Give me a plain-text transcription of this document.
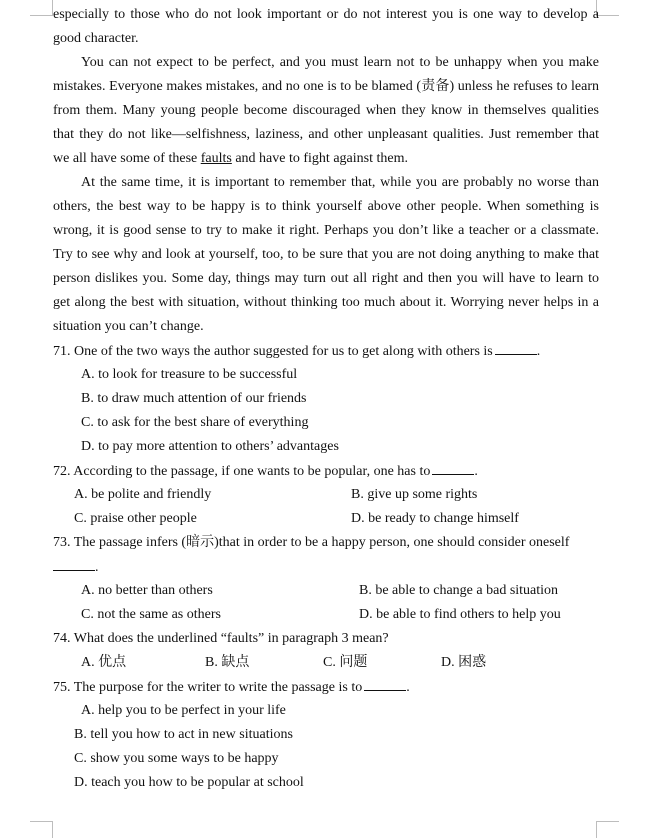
especially to those who do not look important or do not interest you is one way to develop a
good character.
You can not expect to be perfect, and you must learn not to be unhappy when you make
mistakes. Everyone makes mistakes, and no one is to be blamed (责备) unless he refuses to learn
from them. Many young people become discouraged when they know in themselves qualities
that they do not like—selfishness, laziness, and other unpleasant qualities. Just remember that
we all have some of these faults and have to fight against them.
At the same time, it is important to remember that, while you are probably no worse than
others, the best way to be happy is to think yourself above other people. When something is
wrong, it is good sense to try to make it right. Perhaps you don’t like a teacher or a classmate.
Try to see why and look at yourself, too, to be sure that you are not doing anything to make that
person dislikes you. Some day, things may turn out all right and then you will have to learn to
get along the best with situation, without thinking too much about it. Worrying never helps in a
situation you can’t change.
71. One of the two ways the author suggested for us to get along with others is	.
A. to look for treasure to be successful
B. to draw much attention of our friends
C. to ask for the best share of everything
D. to pay more attention to others’ advantages
72. According to the passage, if one wants to be popular, one has to	.
A. be polite and friendly	B. give up some rights
C. praise other people	D. be ready to change himself
73. The passage infers (暗示)that in order to be a happy person, one should consider oneself
.
A. no better than others	B. be able to change a bad situation
C. not the same as others	D. be able to find others to help you
74. What does the underlined “faults” in paragraph 3 mean?
A. 优点	B. 缺点	C. 问题	D. 困惑
75. The purpose for the writer to write the passage is to	.
A. help you to be perfect in your life
B. tell you how to act in new situations
C. show you some ways to be happy
D. teach you how to be popular at school
